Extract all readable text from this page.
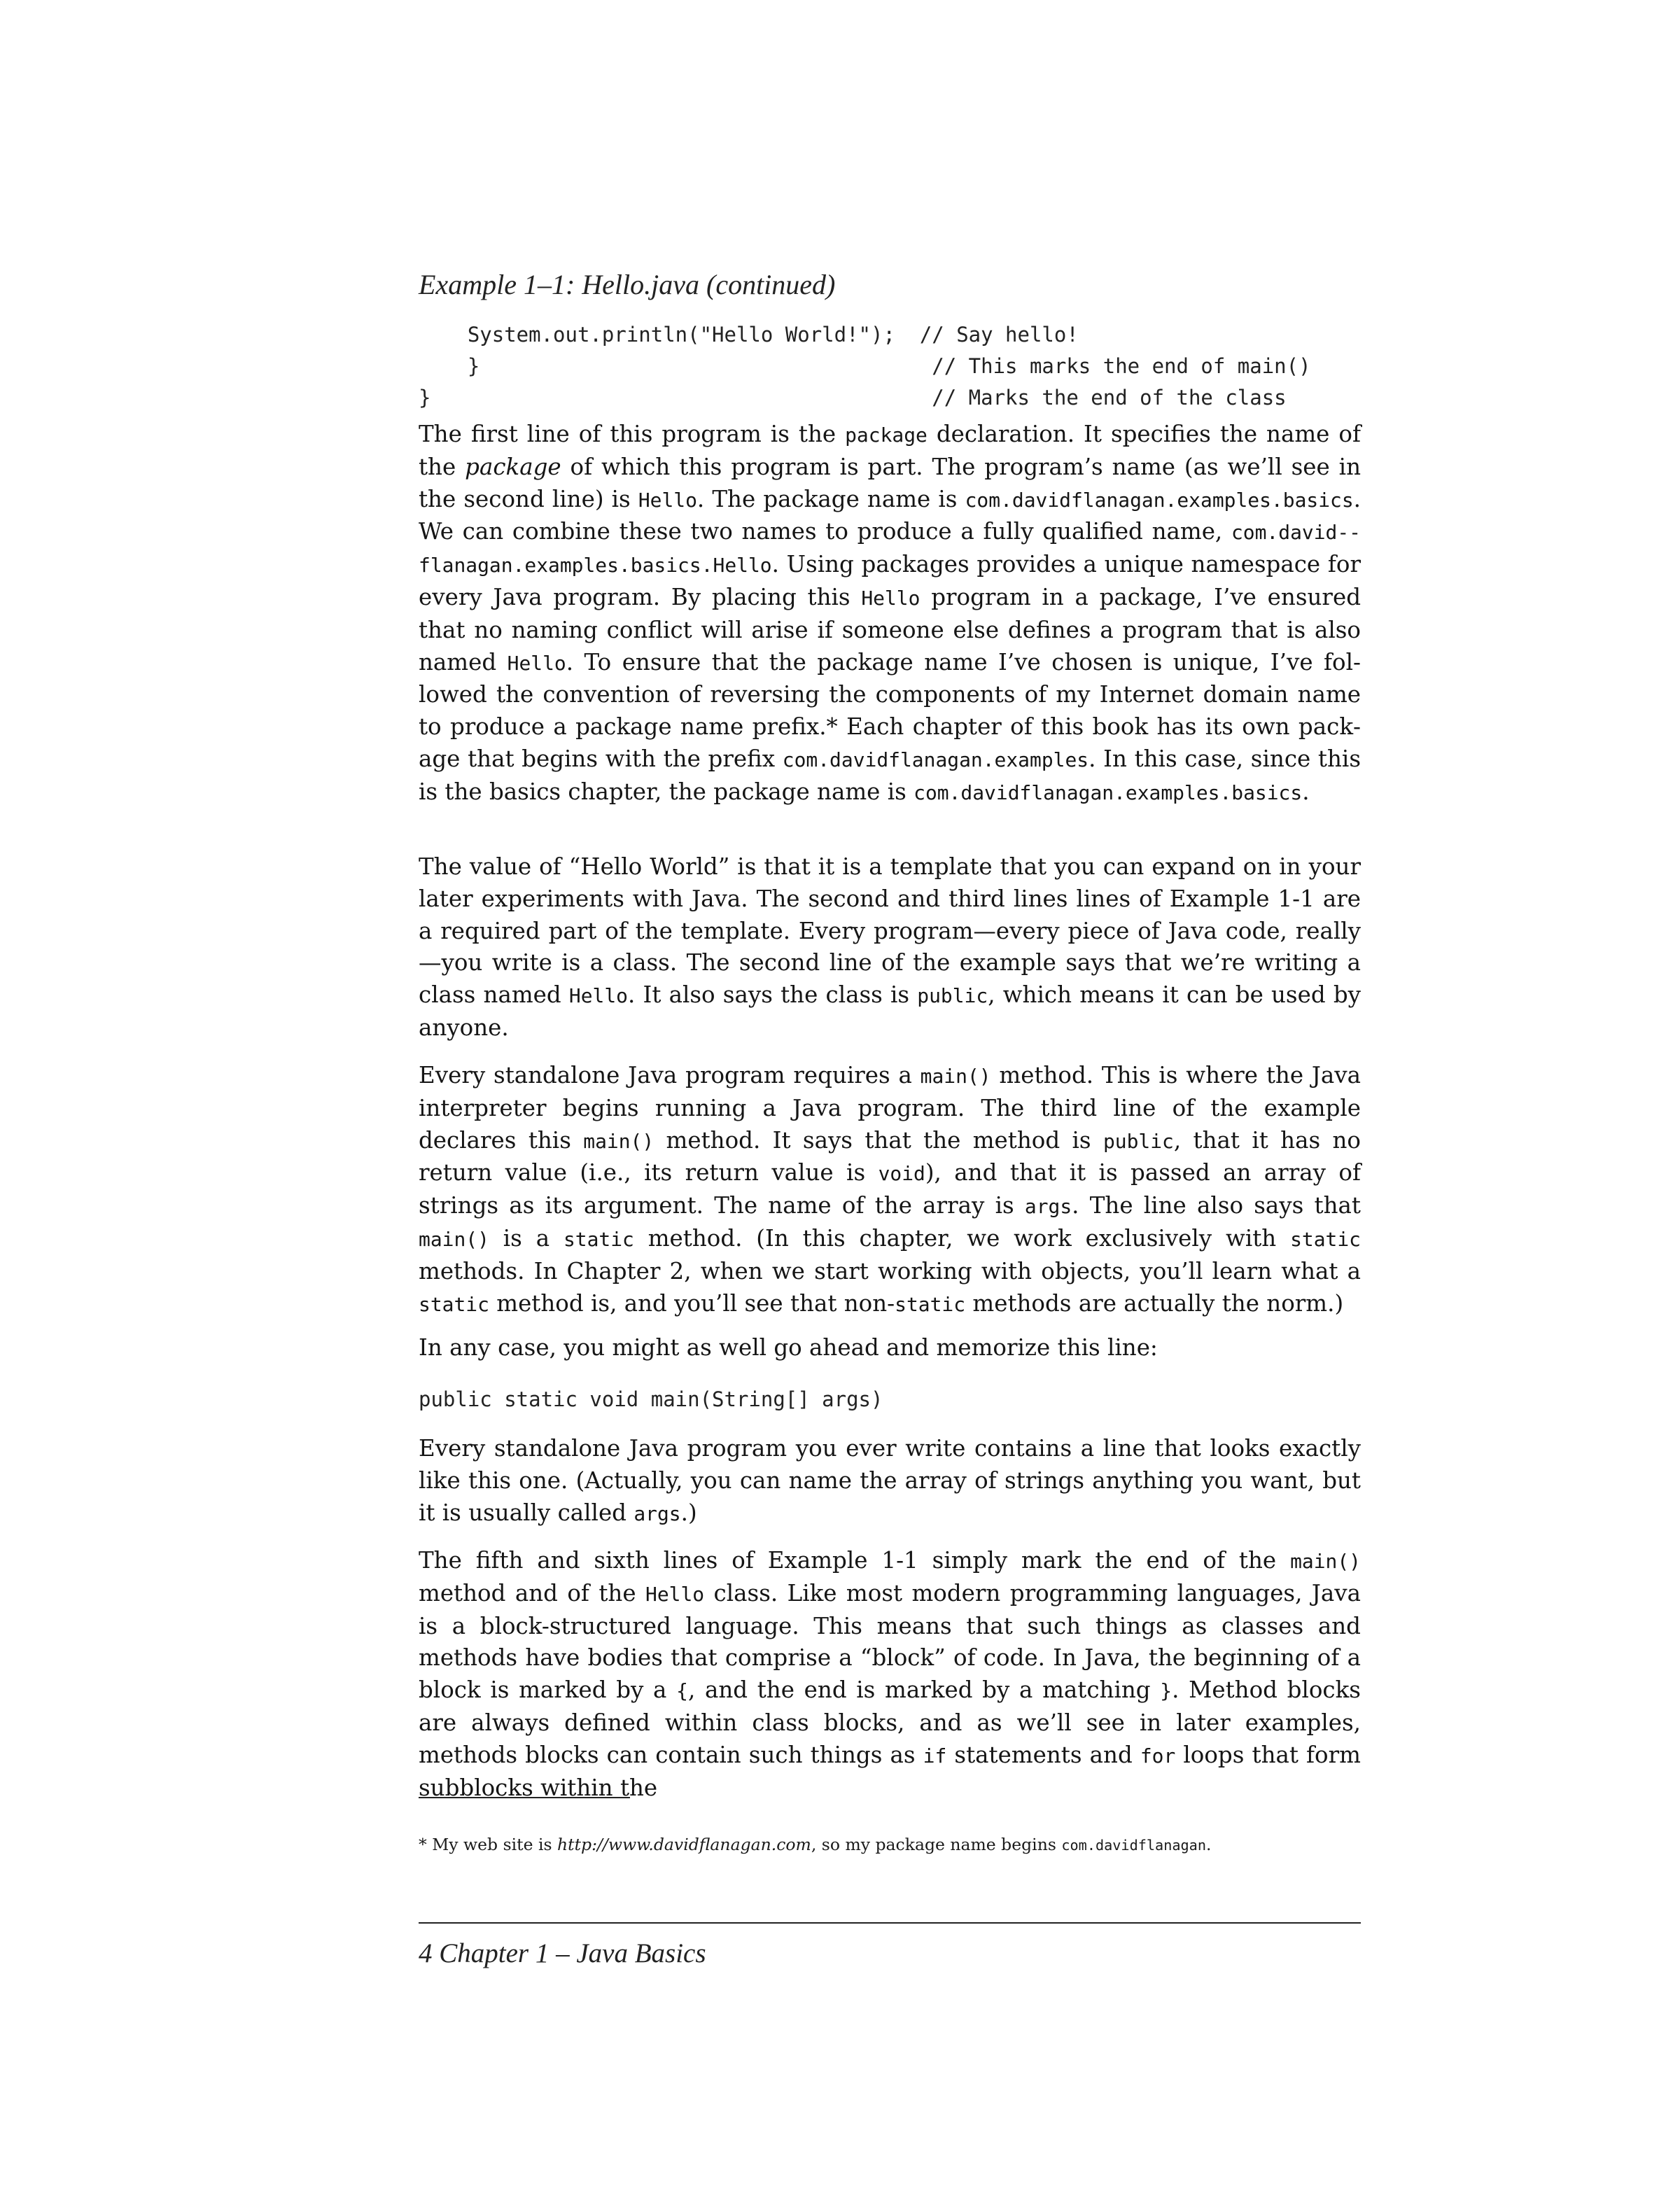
Example 1–1: Hello.java (continued)
System.out.println("Hello World!");  // Say hello!
}                                     // This marks the end of main()
}                                         // Marks the end of the class

The first line of this program is the package declaration. It specifies the name of the package of which this program is part. The program’s name (as we’ll see in the second line) is Hello. The package name is com.davidflanagan.examples.basics. We can combine these two names to produce a fully qualified name, com.david-flanagan.examples.basics.Hello. Using packages provides a unique namespace for every Java program. By placing this Hello program in a package, I’ve ensured that no naming conflict will arise if someone else defines a program that is also named Hello. To ensure that the package name I’ve chosen is unique, I’ve followed the convention of reversing the components of my Internet domain name to produce a package name prefix.* Each chapter of this book has its own package that begins with the prefix com.davidflanagan.examples. In this case, since this is the basics chapter, the package name is com.davidflanagan.examples.basics.

The value of “Hello World” is that it is a template that you can expand on in your later experiments with Java. The second and third lines lines of Example 1-1 are a required part of the template. Every program—every piece of Java code, really—you write is a class. The second line of the example says that we’re writing a class named Hello. It also says the class is public, which means it can be used by anyone.

Every standalone Java program requires a main() method. This is where the Java interpreter begins running a Java program. The third line of the example declares this main() method. It says that the method is public, that it has no return value (i.e., its return value is void), and that it is passed an array of strings as its argument. The name of the array is args. The line also says that main() is a static method. (In this chapter, we work exclusively with static methods. In Chapter 2, when we start working with objects, you’ll learn what a static method is, and you’ll see that non-static methods are actually the norm.)

In any case, you might as well go ahead and memorize this line:

public static void main(String[] args)

Every standalone Java program you ever write contains a line that looks exactly like this one. (Actually, you can name the array of strings anything you want, but it is usually called args.)

The fifth and sixth lines of Example 1-1 simply mark the end of the main() method and of the Hello class. Like most modern programming languages, Java is a block-structured language. This means that such things as classes and methods have bodies that comprise a “block” of code. In Java, the beginning of a block is marked by a {, and the end is marked by a matching }. Method blocks are always defined within class blocks, and as we’ll see in later examples, methods blocks can contain such things as if statements and for loops that form subblocks within the

* My web site is http://www.davidflanagan.com, so my package name begins com.davidflanagan.
4 Chapter 1 – Java Basics
